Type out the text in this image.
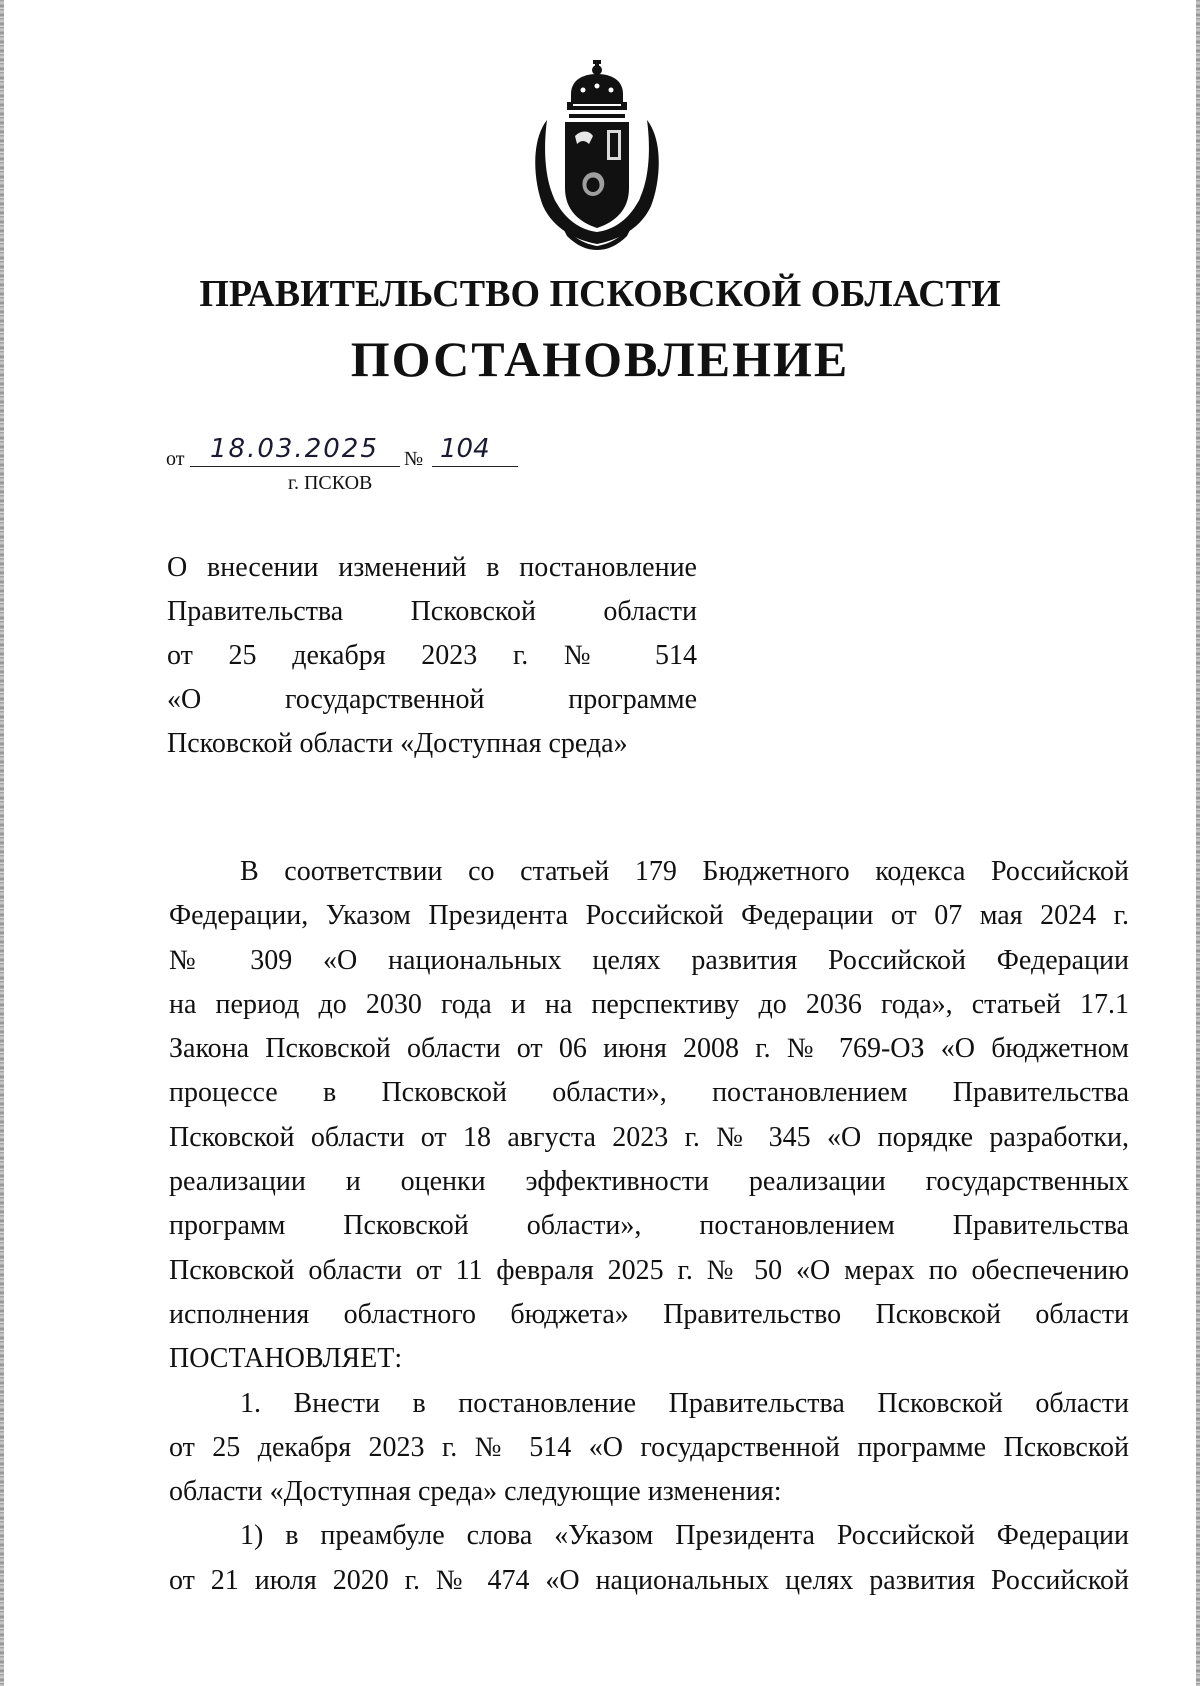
ПРАВИТЕЛЬСТВО ПСКОВСКОЙ ОБЛАСТИ
ПОСТАНОВЛЕНИЕ
от 18.03.2025 № 104
г. ПСКОВ
О внесении изменений в постановление
Правительства Псковской области
от 25 декабря 2023 г. № 514
«О государственной программе
Псковской области «Доступная среда»
В соответствии со статьей 179 Бюджетного кодекса Российской
Федерации, Указом Президента Российской Федерации от 07 мая 2024 г.
№ 309 «О национальных целях развития Российской Федерации
на период до 2030 года и на перспективу до 2036 года», статьей 17.1
Закона Псковской области от 06 июня 2008 г. № 769-ОЗ «О бюджетном
процессе в Псковской области», постановлением Правительства
Псковской области от 18 августа 2023 г. № 345 «О порядке разработки,
реализации и оценки эффективности реализации государственных
программ Псковской области», постановлением Правительства
Псковской области от 11 февраля 2025 г. № 50 «О мерах по обеспечению
исполнения областного бюджета» Правительство Псковской области
ПОСТАНОВЛЯЕТ:
1. Внести в постановление Правительства Псковской области
от 25 декабря 2023 г. № 514 «О государственной программе Псковской
области «Доступная среда» следующие изменения:
1) в преамбуле слова «Указом Президента Российской Федерации
от 21 июля 2020 г. № 474 «О национальных целях развития Российской
